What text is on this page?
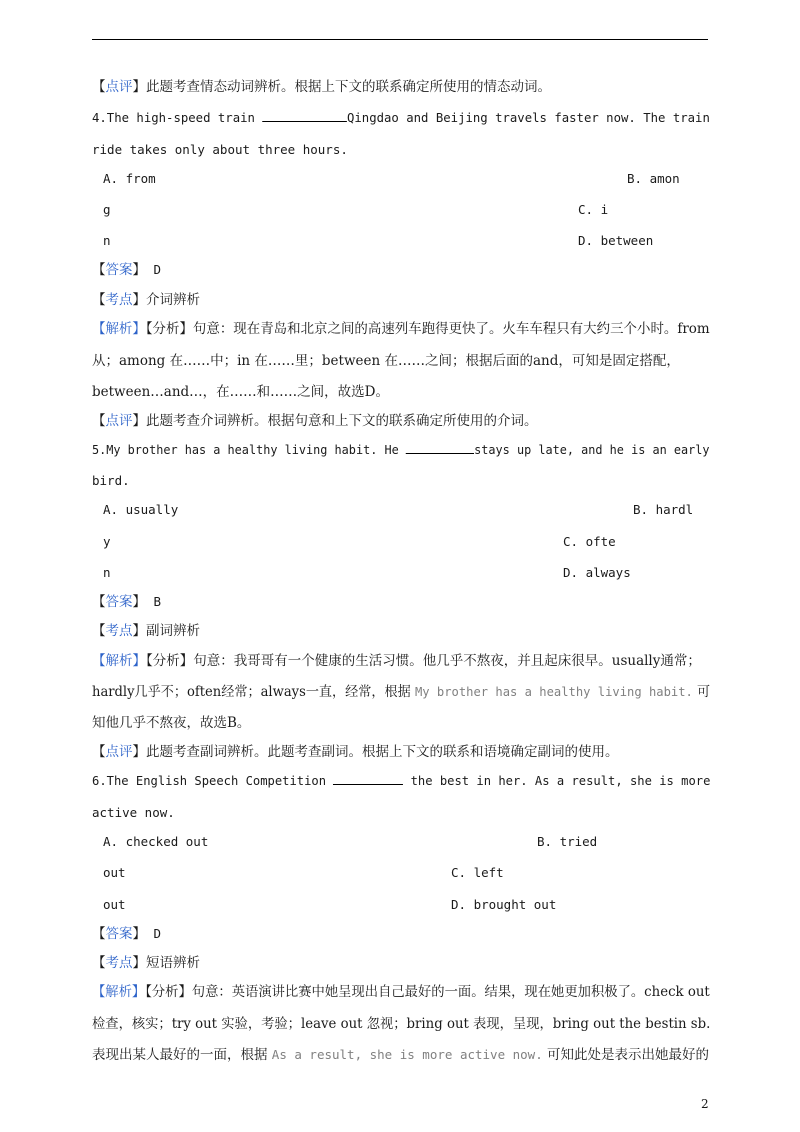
【点评】此题考查情态动词辨析。根据上下文的联系确定所使用的情态动词。
4.The high-speed train	Qingdao and Beijing travels faster now. The train
ride takes only about three hours.
A. from	B. amon
g	C. i
n	D. between
【答案】 D
【考点】介词辨析
【解析】【分析】句意：现在青岛和北京之间的高速列车跑得更快了。火车车程只有大约三个小时。from
从；among 在……中；in 在……里；between 在……之间；根据后面的and，可知是固定搭配，
between…and…，在……和……之间，故选D。
【点评】此题考查介词辨析。根据句意和上下文的联系确定所使用的介词。
5.My brother has a healthy living habit. He	stays up late, and he is an early
bird.
A. usually	B. hardl
y	C. ofte
n	D. always
【答案】 B
【考点】副词辨析
【解析】【分析】句意：我哥哥有一个健康的生活习惯。他几乎不熬夜，并且起床很早。usually通常；
hardly几乎不；often经常；always一直，经常，根据 My brother has a healthy living habit. 可
知他几乎不熬夜，故选B。
【点评】此题考查副词辨析。此题考查副词。根据上下文的联系和语境确定副词的使用。
6.The English Speech Competition	the best in her. As a result, she is more
active now.
A. checked out	B. tried
out	C. left
out	D. brought out
【答案】 D
【考点】短语辨析
【解析】【分析】句意：英语演讲比赛中她呈现出自己最好的一面。结果，现在她更加积极了。check out
检查，核实；try out 实验，考验；leave out 忽视；bring out 表现，呈现，bring out the bestin sb.
表现出某人最好的一面，根据 As a result, she is more active now. 可知此处是表示出她最好的
2
